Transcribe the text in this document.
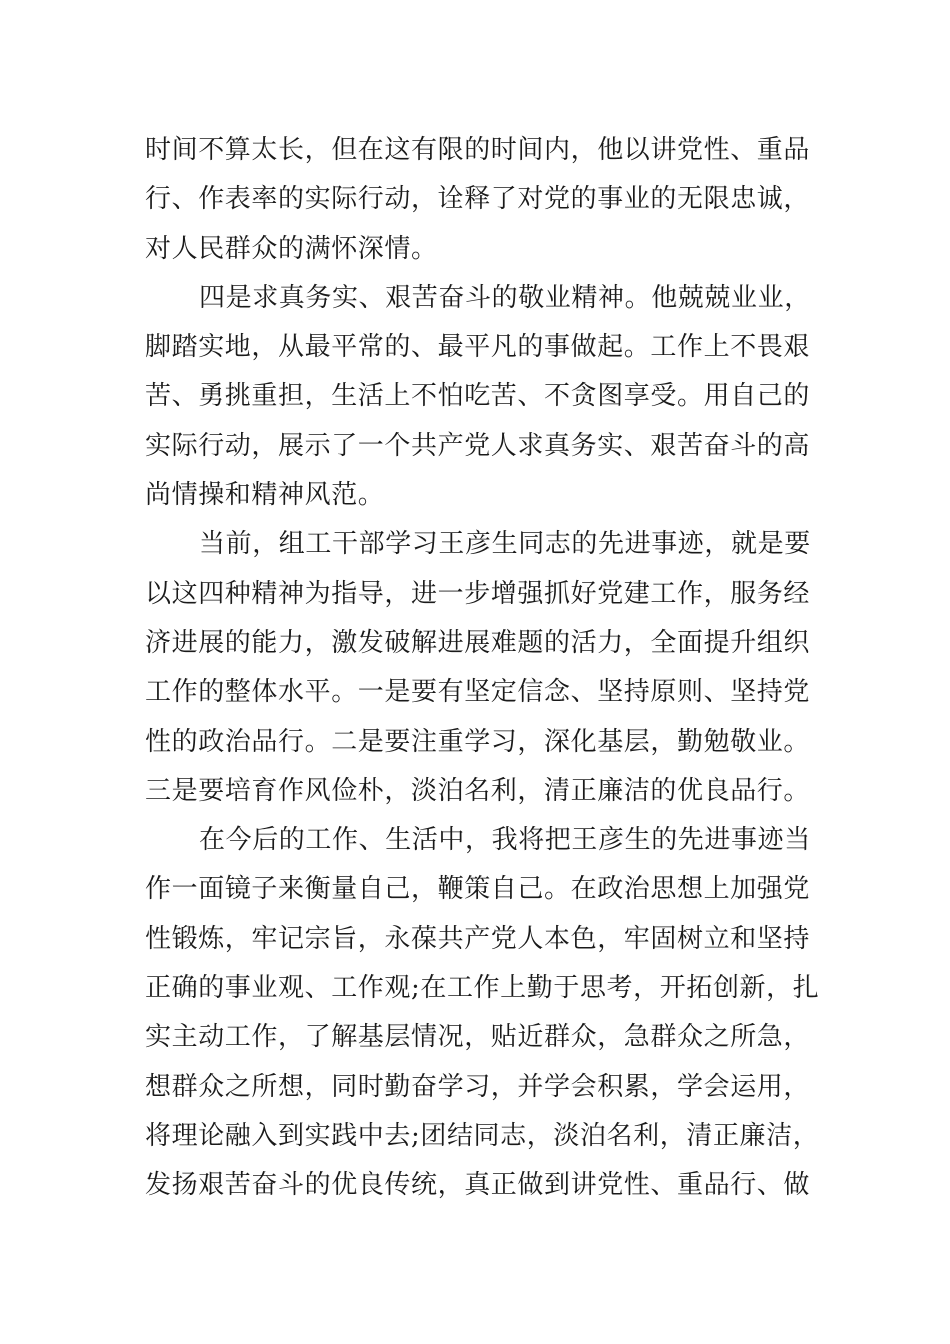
时间不算太长，但在这有限的时间内，他以讲党性、重品
行、作表率的实际行动，诠释了对党的事业的无限忠诚，
对人民群众的满怀深情。
四是求真务实、艰苦奋斗的敬业精神。他兢兢业业，
脚踏实地，从最平常的、最平凡的事做起。工作上不畏艰
苦、勇挑重担，生活上不怕吃苦、不贪图享受。用自己的
实际行动，展示了一个共产党人求真务实、艰苦奋斗的高
尚情操和精神风范。
当前，组工干部学习王彦生同志的先进事迹，就是要
以这四种精神为指导，进一步增强抓好党建工作，服务经
济进展的能力，激发破解进展难题的活力，全面提升组织
工作的整体水平。一是要有坚定信念、坚持原则、坚持党
性的政治品行。二是要注重学习，深化基层，勤勉敬业。
三是要培育作风俭朴，淡泊名利，清正廉洁的优良品行。
在今后的工作、生活中，我将把王彦生的先进事迹当
作一面镜子来衡量自己，鞭策自己。在政治思想上加强党
性锻炼，牢记宗旨，永葆共产党人本色，牢固树立和坚持
正确的事业观、工作观;在工作上勤于思考，开拓创新，扎
实主动工作，了解基层情况，贴近群众，急群众之所急，
想群众之所想，同时勤奋学习，并学会积累，学会运用，
将理论融入到实践中去;团结同志，淡泊名利，清正廉洁，
发扬艰苦奋斗的优良传统，真正做到讲党性、重品行、做
